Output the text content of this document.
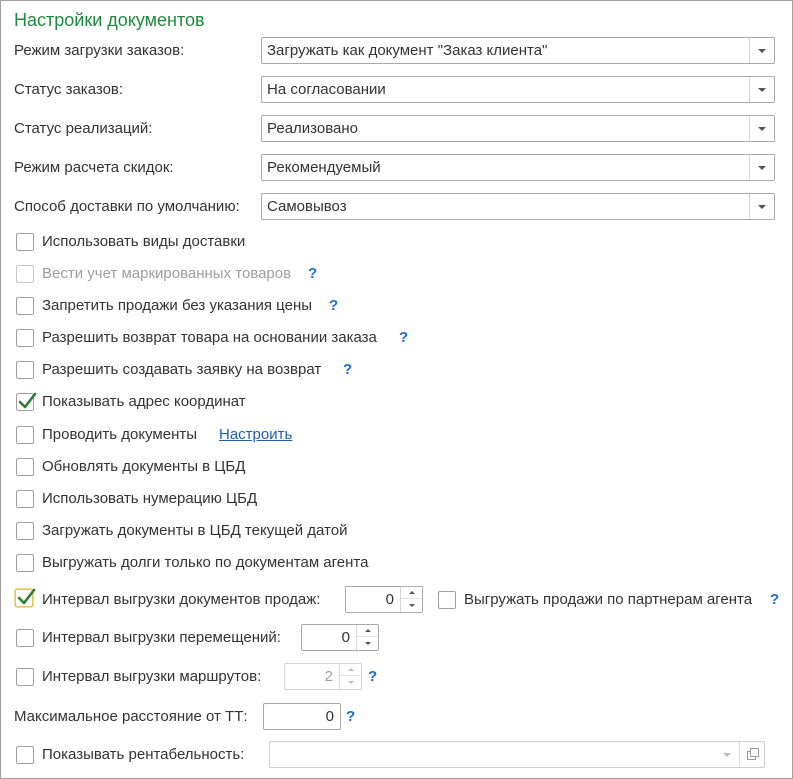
Настройки документов
Режим загрузки заказов:	Загружать как документ "Заказ клиента"
Статус заказов:	На согласовании
Статус реализаций:	Реализовано
Режим расчета скидок:	Рекомендуемый
Способ доставки по умолчанию: Самовывоз
Использовать виды доставки
Вести учет маркированных товаров ?
Запретить продажи без указания цены ?
Разрешить возврат товара на основании заказа ?
Разрешить создавать заявку на возврат ?
Показывать адрес координат
Проводить документы Настроить
Обновлять документы в ЦБД
Использовать нумерацию ЦБД
Загружать документы в ЦБД текущей датой
Выгружать долги только по документам агента
Интервал выгрузки документов продаж:	0	Выгружать продажи по партнерам агента ?
Интервал выгрузки перемещений:	0
Интервал выгрузки маршрутов:	2 ?
Максимальное расстояние от ТТ:	0 ?
Показывать рентабельность:
